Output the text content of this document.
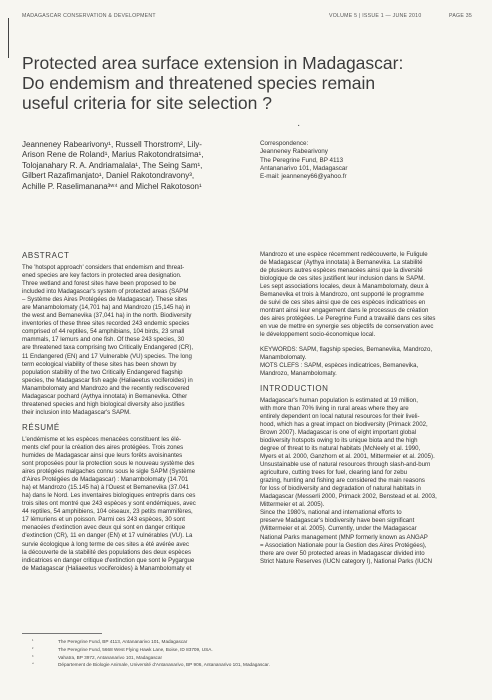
MADAGASCAR CONSERVATION & DEVELOPMENT	VOLUME 5 | ISSUE 1 — JUNE 2010	PAGE 35
Protected area surface extension in Madagascar:
Do endemism and threatened species remain
useful criteria for site selection ?
·
Jeanneney Rabearivony¹, Russell Thorstrom², Lily-
Arison Rene de Roland¹, Marius Rakotondratsima¹,
Tolojanahary R. A. Andriamalala¹, The Seing Sam¹,
Gilbert Razafimanjato¹, Daniel Rakotondravony³,
Achille P. Raselimanana³ʷ⁴ and Michel Rakotoson¹
Correspondence:
Jeanneney Rabearivony
The Peregrine Fund, BP 4113
Antananarivo 101, Madagascar
E-mail: jeanneney66@yahoo.fr
ABSTRACT
The 'hotspot approach' considers that endemism and threat-
ened species are key factors in protected area designation.
Three wetland and forest sites have been proposed to be
included into Madagascar's system of protected areas (SAPM
– Système des Aires Protégées de Madagascar). These sites
are Manambolomaty (14,701 ha) and Mandrozo (15,145 ha) in
the west and Bemanevika (37,041 ha) in the north. Biodiversity
inventories of these three sites recorded 243 endemic species
comprised of 44 reptiles, 54 amphibians, 104 birds, 23 small
mammals, 17 lemurs and one fish. Of these 243 species, 30
are threatened taxa comprising two Critically Endangered (CR),
11 Endangered (EN) and 17 Vulnerable (VU) species. The long
term ecological viability of these sites has been shown by
population stability of the two Critically Endangered flagship
species, the Madagascar fish eagle (Haliaeetus vociferoides) in
Manambolomaty and Mandrozo and the recently rediscovered
Madagascar pochard (Aythya innotata) in Bemanevika. Other
threatened species and high biological diversity also justifies
their inclusion into Madagascar's SAPM.
RÉSUMÉ
L'endémisme et les espèces menacées constituent les élé-
ments clef pour la création des aires protégées. Trois zones
humides de Madagascar ainsi que leurs forêts avoisinantes
sont proposées pour la protection sous le nouveau système des
aires protégées malgaches connu sous le sigle SAPM (Système
d'Aires Protégées de Madagascar) : Manambolomaty (14.701
ha) et Mandrozo (15.145 ha) à l'Ouest et Bemanevika (37.041
ha) dans le Nord. Les inventaires biologiques entrepris dans ces
trois sites ont montré que 243 espèces y sont endémiques, avec
44 reptiles, 54 amphibiens, 104 oiseaux, 23 petits mammifères,
17 lémuriens et un poisson. Parmi ces 243 espèces, 30 sont
menacées d'extinction avec deux qui sont en danger critique
d'extinction (CR), 11 en danger (EN) et 17 vulnérables (VU). La
survie écologique à long terme de ces sites a été avérée avec
la découverte de la stabilité des populations des deux espèces
indicatrices en danger critique d'extinction que sont le Pygargue
de Madagascar (Haliaeetus vociferoides) à Manambolomaty et
Mandrozo et une espèce récemment redécouverte, le Fuligule
de Madagascar (Aythya innotata) à Bemanevika. La stabilité
de plusieurs autres espèces menacées ainsi que la diversité
biologique de ces sites justifient leur inclusion dans le SAPM.
Les sept associations locales, deux à Manambolomaty, deux à
Bemanevika et trois à Mandrozo, ont supporté le programme
de suivi de ces sites ainsi que de ces espèces indicatrices en
montrant ainsi leur engagement dans le processus de création
des aires protégées. Le Peregrine Fund a travaillé dans ces sites
en vue de mettre en synergie ses objectifs de conservation avec
le développement socio-économique local.
KEYWORDS: SAPM, flagship species, Bemanevika, Mandrozo,
Manambolomaty.
MOTS CLEFS : SAPM, espèces indicatrices, Bemanevika,
Mandrozo, Manambolomaty.
INTRODUCTION
Madagascar's human population is estimated at 19 million,
with more than 70% living in rural areas where they are
entirely dependent on local natural resources for their liveli-
hood, which has a great impact on biodiversity (Primack 2002,
Brown 2007). Madagascar is one of eight important global
biodiversity hotspots owing to its unique biota and the high
degree of threat to its natural habitats (McNeely et al. 1990,
Myers et al. 2000, Ganzhorn et al. 2001, Mittermeier et al. 2005).
Unsustainable use of natural resources through slash-and-burn
agriculture, cutting trees for fuel, clearing land for zebu
grazing, hunting and fishing are considered the main reasons
for loss of biodiversity and degradation of natural habitats in
Madagascar (Messerli 2000, Primack 2002, Benstead et al. 2003,
Mittermeier et al. 2005).
Since the 1980's, national and international efforts to
preserve Madagascar's biodiversity have been significant
(Mittermeier et al. 2005). Currently, under the Madagascar
National Parks management (MNP formerly known as ANGAP
= Association Nationale pour la Gestion des Aires Protégées),
there are over 50 protected areas in Madagascar divided into
Strict Nature Reserves (IUCN category I), National Parks (IUCN
¹	The Peregrine Fund, BP 4113, Antananarivo 101, Madagascar
²	The Peregrine Fund, 5668 West Flying Hawk Lane, Boise, ID 83709, USA.
³	Vahatra, BP 3972, Antananarivo 101, Madagascar
⁴	Département de Biologie Animale, Université d'Antananarivo, BP 906, Antananarivo 101, Madagascar.
